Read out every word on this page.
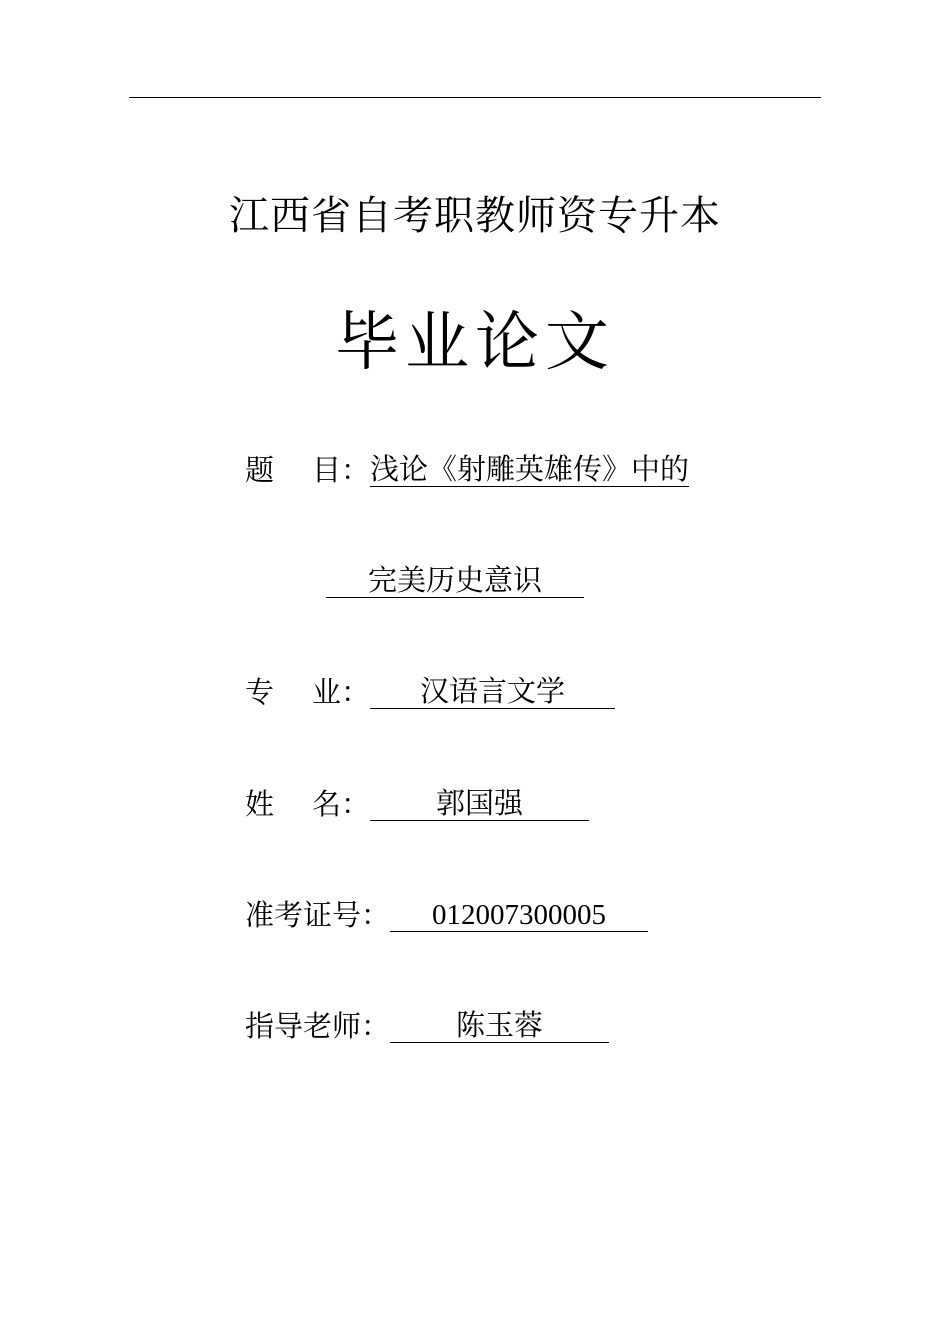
江西省自考职教师资专升本
毕业论文
题 目：浅论《射雕英雄传》中的
完美历史意识
专 业： 汉语言文学
姓 名： 郭国强
准考证号： 012007300005
指导老师： 陈玉蓉
